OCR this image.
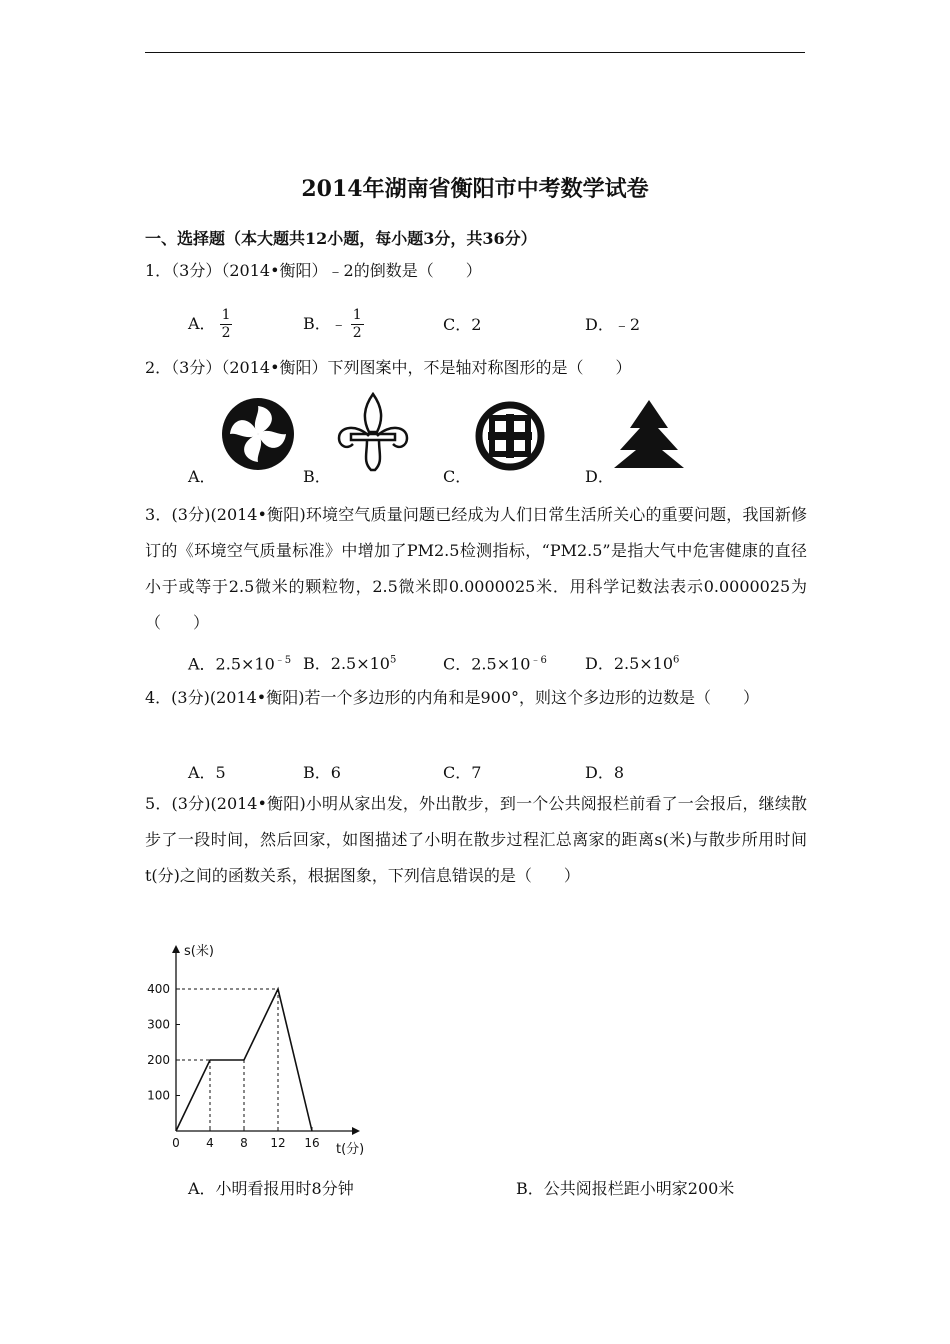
2014年湖南省衡阳市中考数学试卷
一、选择题（本大题共12小题，每小题3分，共36分）
1．（3分）（2014•衡阳）﹣2的倒数是（　　）
A． $\frac{1}{2}$	B．﹣ $\frac{1}{2}$	C．2	D．﹣2
2．（3分）（2014•衡阳）下列图案中，不是轴对称图形的是（　　）
A．	B．	C．	D．
3．(3分)(2014•衡阳)环境空气质量问题已经成为人们日常生活所关心的重要问题，我国新修订的《环境空气质量标准》中增加了PM2.5检测指标，“PM2.5”是指大气中危害健康的直径小于或等于2.5微米的颗粒物，2.5微米即0.0000025米．用科学记数法表示0.0000025为（　　）
A．$2.5\times 10^{﹣5}$ B．$2.5\times 10^5$	C．$2.5\times 10^{﹣6}$ D．$2.5\times 10^6$
4．(3分)(2014•衡阳)若一个多边形的内角和是900°，则这个多边形的边数是（　　）
A．5	B．6	C．7	D．8
5．(3分)(2014•衡阳)小明从家出发，外出散步，到一个公共阅报栏前看了一会报后，继续散步了一段时间，然后回家，如图描述了小明在散步过程汇总离家的距离s(米)与散步所用时间t(分)之间的函数关系，根据图象，下列信息错误的是（　　）
s(米)
t(分)
100
200
300
400
0 4 8 12 16
A．小明看报用时8分钟	B．公共阅报栏距小明家200米
